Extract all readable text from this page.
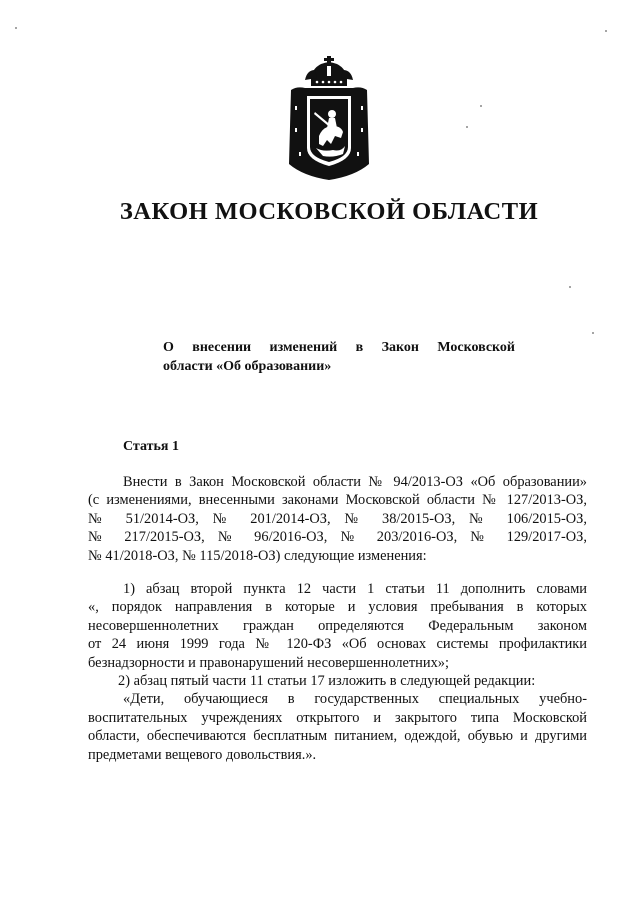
ЗАКОН МОСКОВСКОЙ ОБЛАСТИ

О внесении изменений в Закон Московской
области «Об образовании»

Статья 1
Внести в Закон Московской области № 94/2013-ОЗ «Об образовании»
(с изменениями, внесенными законами Московской области № 127/2013-ОЗ,
№ 51/2014-ОЗ, № 201/2014-ОЗ, № 38/2015-ОЗ, № 106/2015-ОЗ,
№ 217/2015-ОЗ, № 96/2016-ОЗ, № 203/2016-ОЗ, № 129/2017-ОЗ,
№ 41/2018-ОЗ, № 115/2018-ОЗ) следующие изменения:
1) абзац второй пункта 12 части 1 статьи 11 дополнить словами
«, порядок направления в которые и условия пребывания в которых
несовершеннолетних граждан определяются Федеральным законом
от 24 июня 1999 года № 120-ФЗ «Об основах системы профилактики
безнадзорности и правонарушений несовершеннолетних»;
2) абзац пятый части 11 статьи 17 изложить в следующей редакции:
«Дети, обучающиеся в государственных специальных учебно-
воспитательных учреждениях открытого и закрытого типа Московской
области, обеспечиваются бесплатным питанием, одеждой, обувью и другими
предметами вещевого довольствия.».
